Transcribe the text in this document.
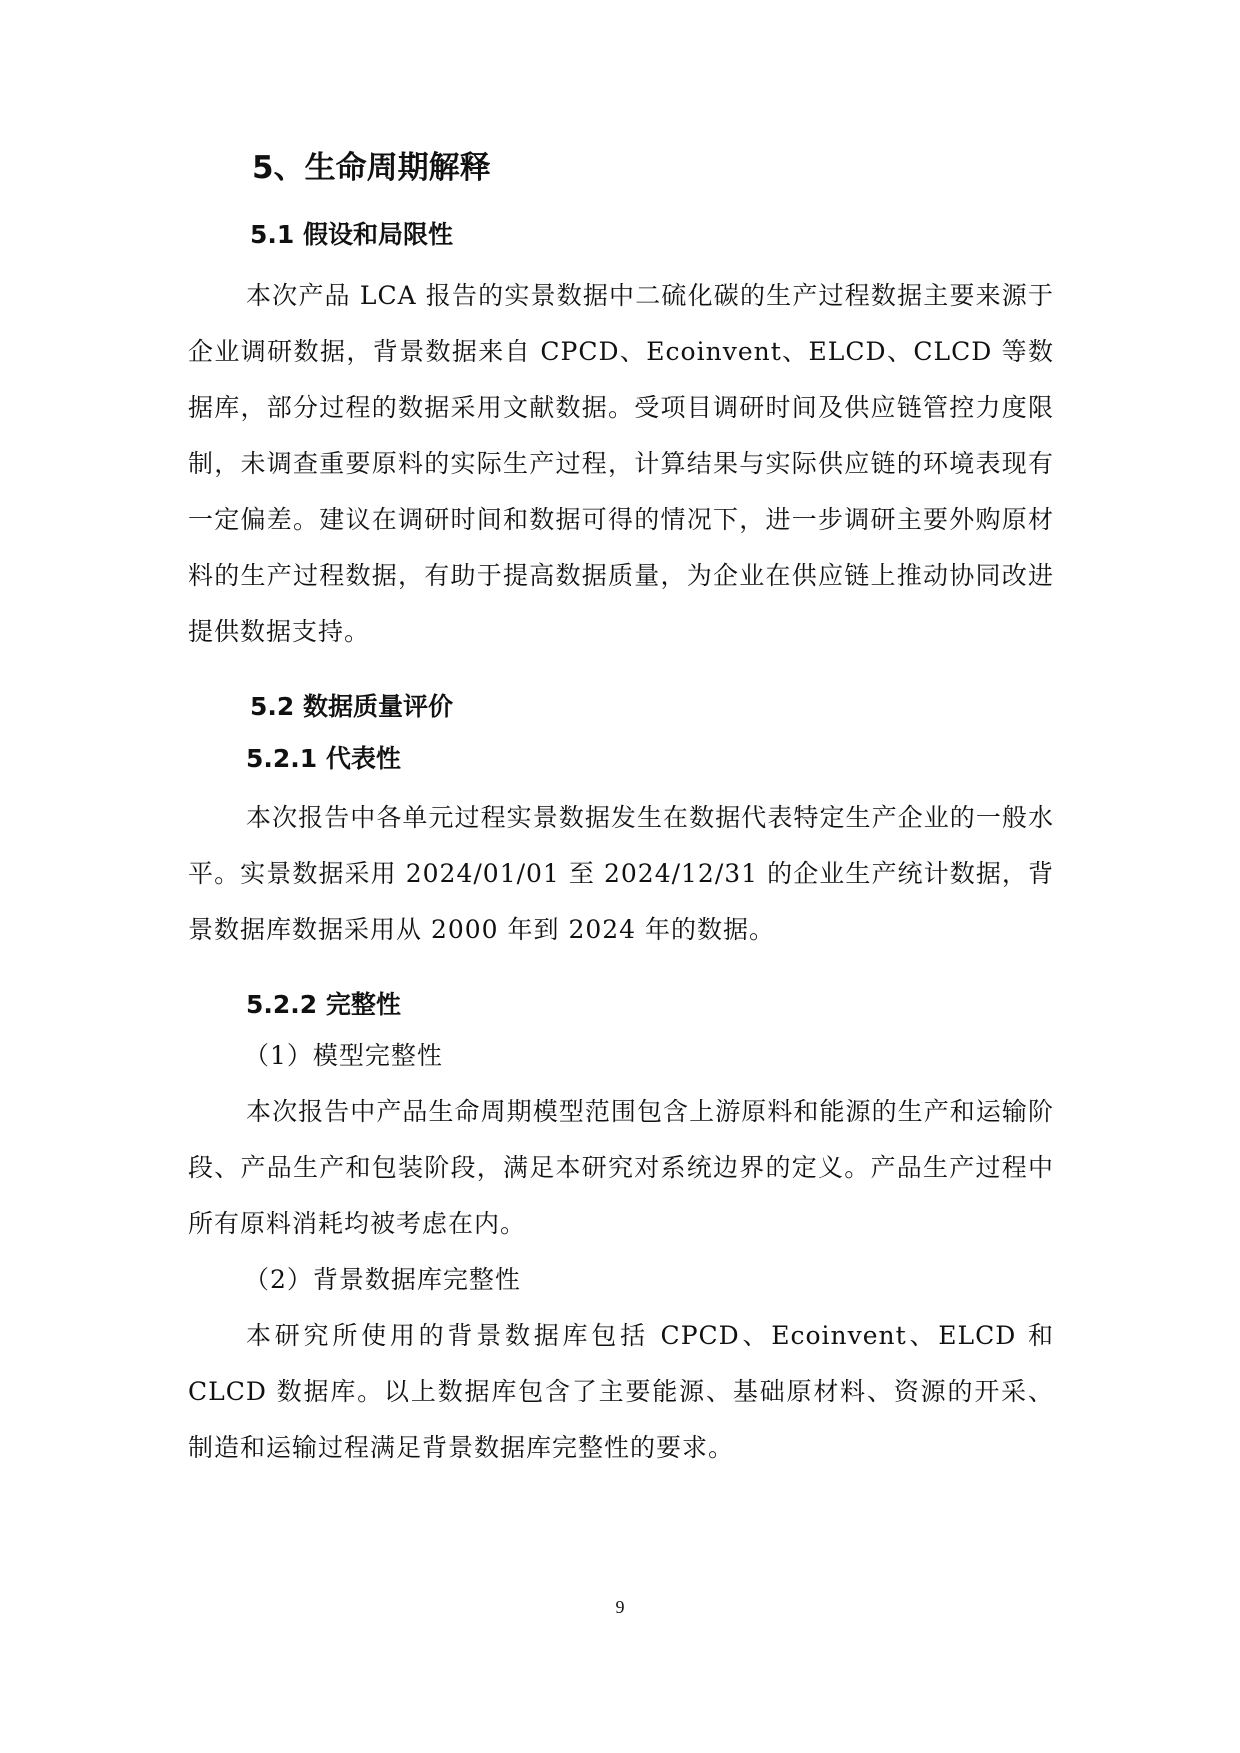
5、生命周期解释
5.1 假设和局限性

本次产品 LCA 报告的实景数据中二硫化碳的生产过程数据主要来源于企业调研数据，背景数据来自 CPCD、Ecoinvent、ELCD、CLCD 等数据库，部分过程的数据采用文献数据。受项目调研时间及供应链管控力度限制，未调查重要原料的实际生产过程，计算结果与实际供应链的环境表现有一定偏差。建议在调研时间和数据可得的情况下，进一步调研主要外购原材料的生产过程数据，有助于提高数据质量，为企业在供应链上推动协同改进提供数据支持。

5.2 数据质量评价
5.2.1 代表性

本次报告中各单元过程实景数据发生在数据代表特定生产企业的一般水平。实景数据采用 2024/01/01 至 2024/12/31 的企业生产统计数据，背景数据库数据采用从 2000 年到 2024 年的数据。

5.2.2 完整性
（1）模型完整性

本次报告中产品生命周期模型范围包含上游原料和能源的生产和运输阶段、产品生产和包装阶段，满足本研究对系统边界的定义。产品生产过程中所有原料消耗均被考虑在内。

（2）背景数据库完整性

本研究所使用的背景数据库包括 CPCD、Ecoinvent、ELCD 和 CLCD 数据库。以上数据库包含了主要能源、基础原材料、资源的开采、制造和运输过程满足背景数据库完整性的要求。

9
